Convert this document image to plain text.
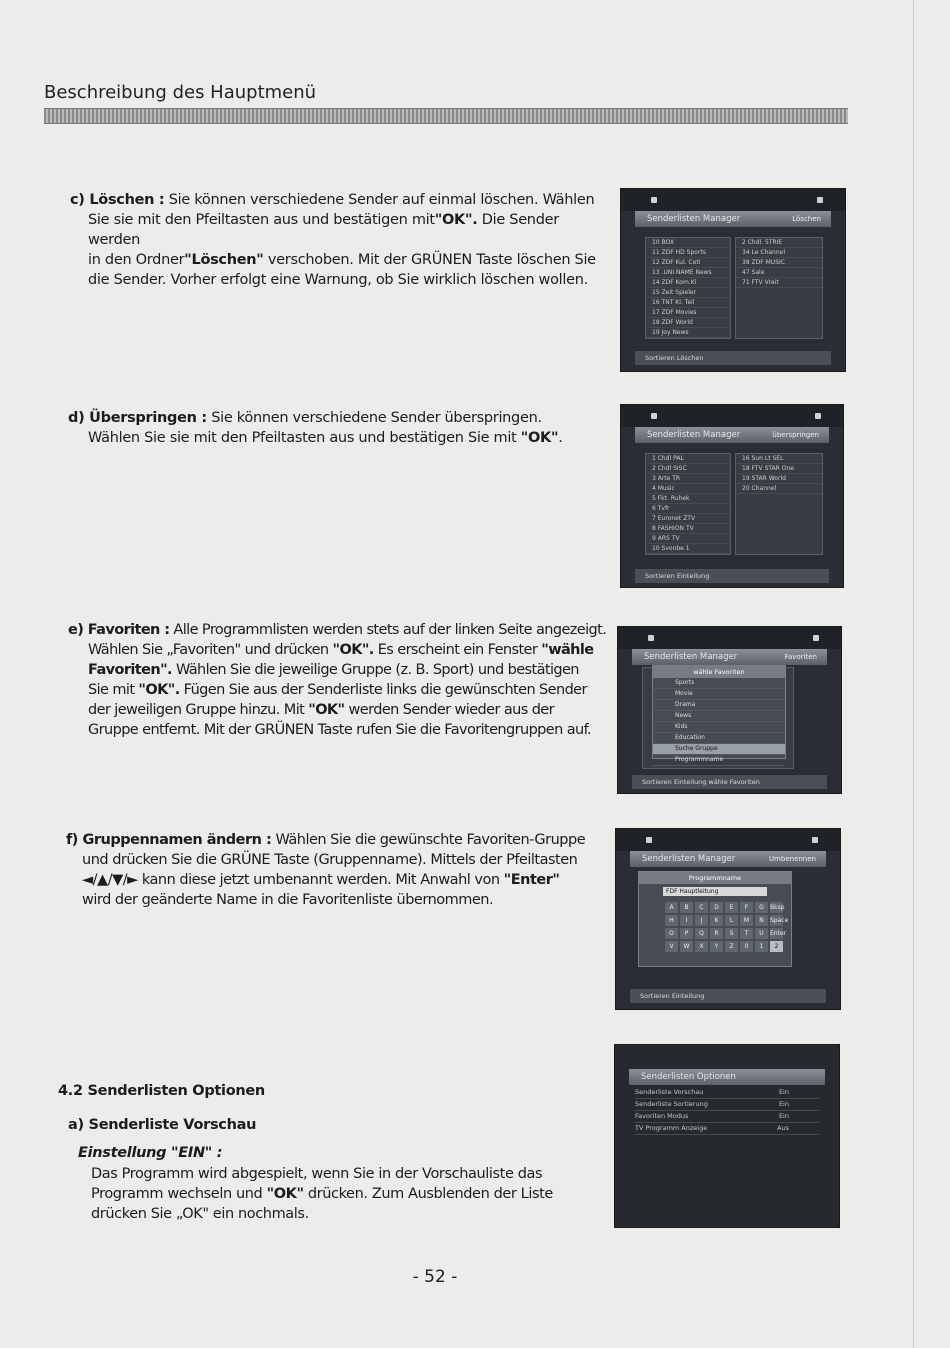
Beschreibung des Hauptmenü
c) Löschen : Sie können verschiedene Sender auf einmal löschen. Wählen
Sie sie mit den Pfeiltasten aus und bestätigen mit"OK". Die Sender werden
in den Ordner"Löschen" verschoben. Mit der GRÜNEN Taste löschen Sie
die Sender. Vorher erfolgt eine Warnung, ob Sie wirklich löschen wollen.
Senderlisten Manager	Löschen
10 BOX
11 ZDF HD Sports
12 ZDF Kul. Ceti
13 .UNI.NAME News
14 ZDF Kom.Kl
15 Zeit Spieler
16 TNT Kl. Teil
17 ZDF Movies
18 ZDF World
19 Joy News
2 Chdl. 5TRIE
34 Le Channel
38 ZDF MUSIC
47 Sale
71 FTV Vreit
Sortieren Löschen
d) Überspringen : Sie können verschiedene Sender überspringen.
Wählen Sie sie mit den Pfeiltasten aus und bestätigen Sie mit "OK".	Senderlisten Manager	überspringen
1 Chdl PAL
2 Chdl SISC
3 Arte TR
4 Music
5 Fkt. Ruhek
6 Tvfr
7 Euronet ZTV
8 FASHION TV
9 ARS TV
10 Svonbe 1
16 Sun Lt SEL
18 FTV STAR One
19 STAR World
20 Channel
Sortieren Einteilung
e) Favoriten : Alle Programmlisten werden stets auf der linken Seite angezeigt.
Wählen Sie „Favoriten" und drücken "OK". Es erscheint ein Fenster "wähle
Favoriten". Wählen Sie die jeweilige Gruppe (z. B. Sport) und bestätigen
Sie mit "OK". Fügen Sie aus der Senderliste links die gewünschten Sender
der jeweiligen Gruppe hinzu. Mit "OK" werden Sender wieder aus der
Gruppe entfernt. Mit der GRÜNEN Taste rufen Sie die Favoritengruppen auf.
Senderlisten Manager	Favoriten
wähle Favoriten
Sports
Movie
Drama
News
Kids
Education
Suche Gruppe
Programmname
Sortieren Einteilung wähle Favoriten
f) Gruppennamen ändern : Wählen Sie die gewünschte Favoriten-Gruppe
und drücken Sie die GRÜNE Taste (Gruppenname). Mittels der Pfeiltasten
◄/▲/▼/► kann diese jetzt umbenannt werden. Mit Anwahl von "Enter"
wird der geänderte Name in die Favoritenliste übernommen.
Senderlisten Manager	Umbenennen
Programmname
FDF Hauptleitung
A	B	C	D	E	F	G	Bksp
H	I	J	K	L	M	N	Space
O	P	Q	R	S	T	U	Enter
V	W	X	Y	Z	0	1	2
Sortieren Einteilung
4.2 Senderlisten Optionen
a) Senderliste Vorschau
Einstellung "EIN" :
Das Programm wird abgespielt, wenn Sie in der Vorschauliste das
Programm wechseln und "OK" drücken. Zum Ausblenden der Liste
drücken Sie „OK" ein nochmals.
Senderlisten Optionen
Senderliste Vorschau	Ein
Senderliste Sortierung	Ein
Favoriten Modus	Ein
TV Programm Anzeige	Aus
- 52 -
